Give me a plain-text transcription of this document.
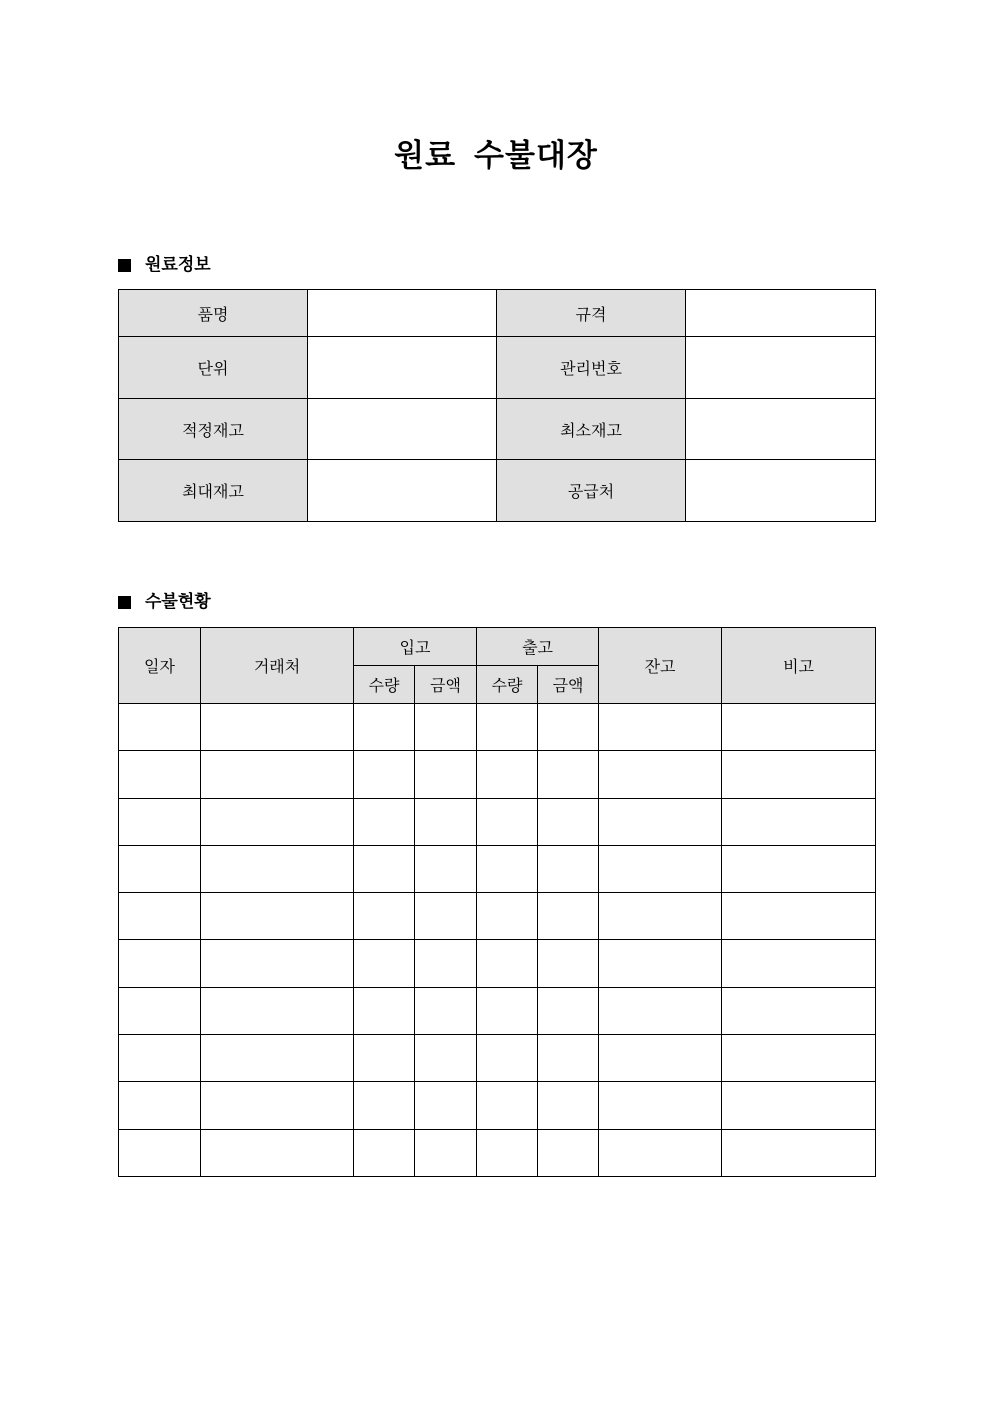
원료 수불대장
원료정보
품명		규격	
단위		관리번호	
적정재고		최소재고	
최대재고		공급처	
수불현황
일자	거래처	입고		출고		잔고	비고
		수량	금액	수량	금액		
